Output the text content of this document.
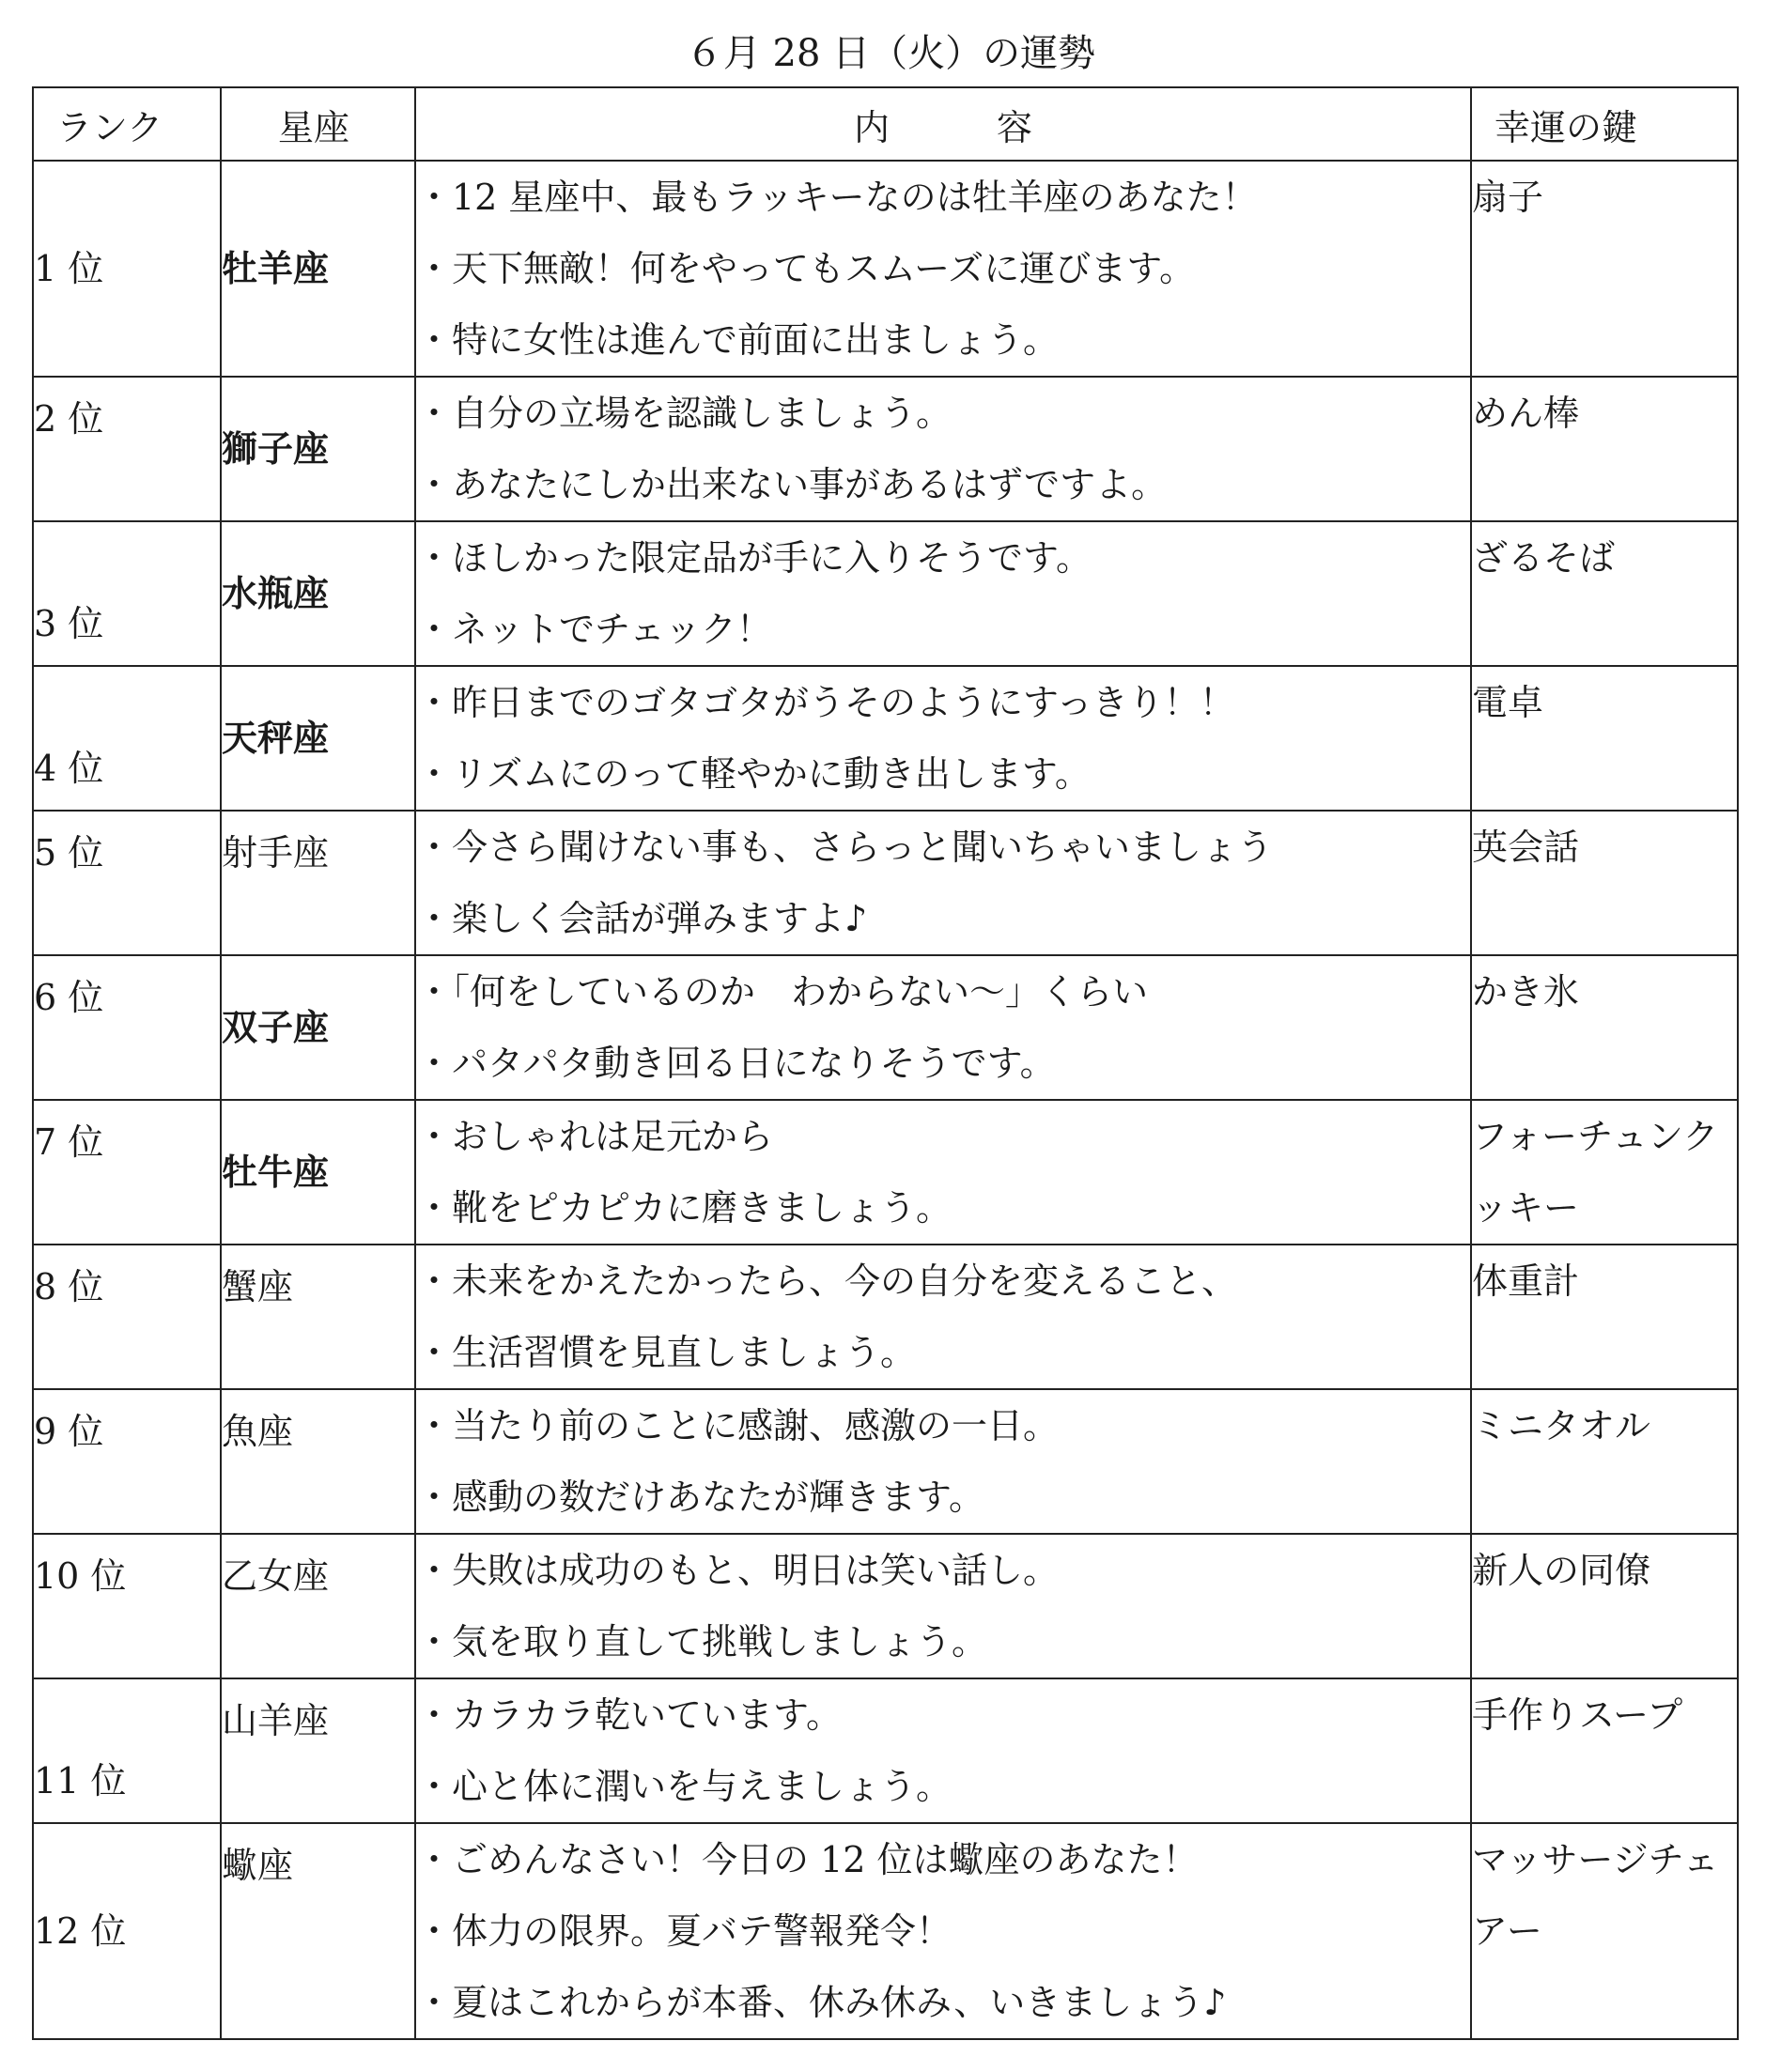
６月 28 日（火）の運勢
ランク	星座	内　　　容	幸運の鍵

1 位	牡羊座	・12 星座中、最もラッキーなのは牡羊座のあなた！
・天下無敵！何をやってもスムーズに運びます。
・特に女性は進んで前面に出ましょう。	扇子

2 位	獅子座	・自分の立場を認識しましょう。
・あなたにしか出来ない事があるはずですよ。	めん棒

3 位	水瓶座	・ほしかった限定品が手に入りそうです。
・ネットでチェック！	ざるそば

4 位	天秤座	・昨日までのゴタゴタがうそのようにすっきり！！
・リズムにのって軽やかに動き出します。	電卓

5 位	射手座	・今さら聞けない事も、さらっと聞いちゃいましょう
・楽しく会話が弾みますよ♪	英会話

6 位	双子座	・「何をしているのか　わからない〜」くらい
・パタパタ動き回る日になりそうです。	かき氷

7 位	牡牛座	・おしゃれは足元から
・靴をピカピカに磨きましょう。	フォーチュンクッキー

8 位	蟹座	・未来をかえたかったら、今の自分を変えること、
・生活習慣を見直しましょう。	体重計

9 位	魚座	・当たり前のことに感謝、感激の一日。
・感動の数だけあなたが輝きます。	ミニタオル

10 位	乙女座	・失敗は成功のもと、明日は笑い話し。
・気を取り直して挑戦しましょう。	新人の同僚

11 位	山羊座	・カラカラ乾いています。
・心と体に潤いを与えましょう。	手作りスープ

12 位	蠍座	・ごめんなさい！今日の 12 位は蠍座のあなた！
・体力の限界。夏バテ警報発令！
・夏はこれからが本番、休み休み、いきましょう♪	マッサージチェアー
